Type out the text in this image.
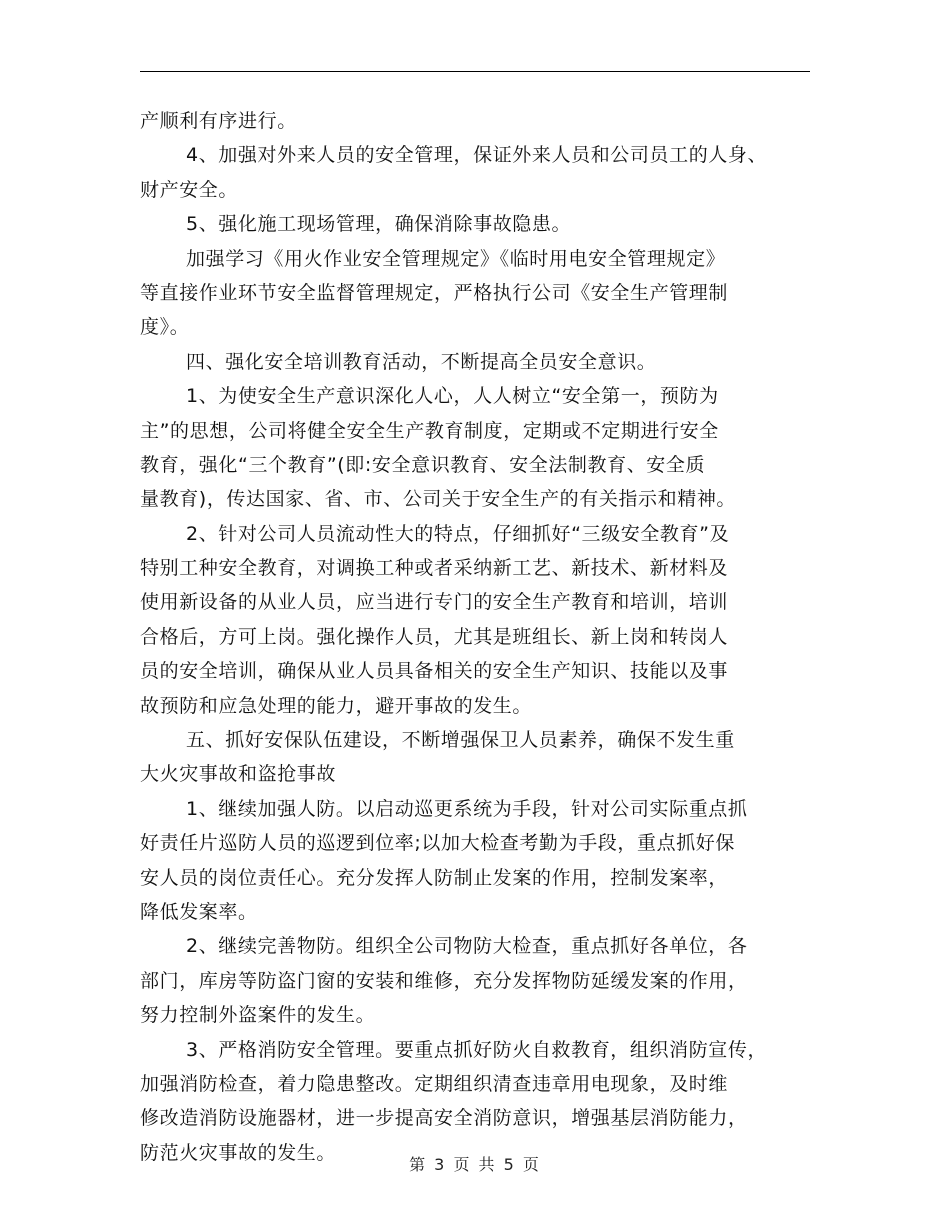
产顺利有序进行。
4、加强对外来人员的安全管理，保证外来人员和公司员工的人身、
财产安全。
5、强化施工现场管理，确保消除事故隐患。
加强学习《用火作业安全管理规定》《临时用电安全管理规定》
等直接作业环节安全监督管理规定，严格执行公司《安全生产管理制
度》。
四、强化安全培训教育活动，不断提高全员安全意识。
1、为使安全生产意识深化人心，人人树立“安全第一，预防为
主”的思想，公司将健全安全生产教育制度，定期或不定期进行安全
教育，强化“三个教育”(即:安全意识教育、安全法制教育、安全质
量教育)，传达国家、省、市、公司关于安全生产的有关指示和精神。
2、针对公司人员流动性大的特点，仔细抓好“三级安全教育”及
特别工种安全教育，对调换工种或者采纳新工艺、新技术、新材料及
使用新设备的从业人员，应当进行专门的安全生产教育和培训，培训
合格后，方可上岗。强化操作人员，尤其是班组长、新上岗和转岗人
员的安全培训，确保从业人员具备相关的安全生产知识、技能以及事
故预防和应急处理的能力，避开事故的发生。
五、抓好安保队伍建设，不断增强保卫人员素养，确保不发生重
大火灾事故和盗抢事故
1、继续加强人防。以启动巡更系统为手段，针对公司实际重点抓
好责任片巡防人员的巡逻到位率;以加大检查考勤为手段，重点抓好保
安人员的岗位责任心。充分发挥人防制止发案的作用，控制发案率，
降低发案率。
2、继续完善物防。组织全公司物防大检查，重点抓好各单位，各
部门，库房等防盗门窗的安装和维修，充分发挥物防延缓发案的作用，
努力控制外盗案件的发生。
3、严格消防安全管理。要重点抓好防火自救教育，组织消防宣传，
加强消防检查，着力隐患整改。定期组织清查违章用电现象，及时维
修改造消防设施器材，进一步提高安全消防意识，增强基层消防能力，
防范火灾事故的发生。
第 3 页 共 5 页
